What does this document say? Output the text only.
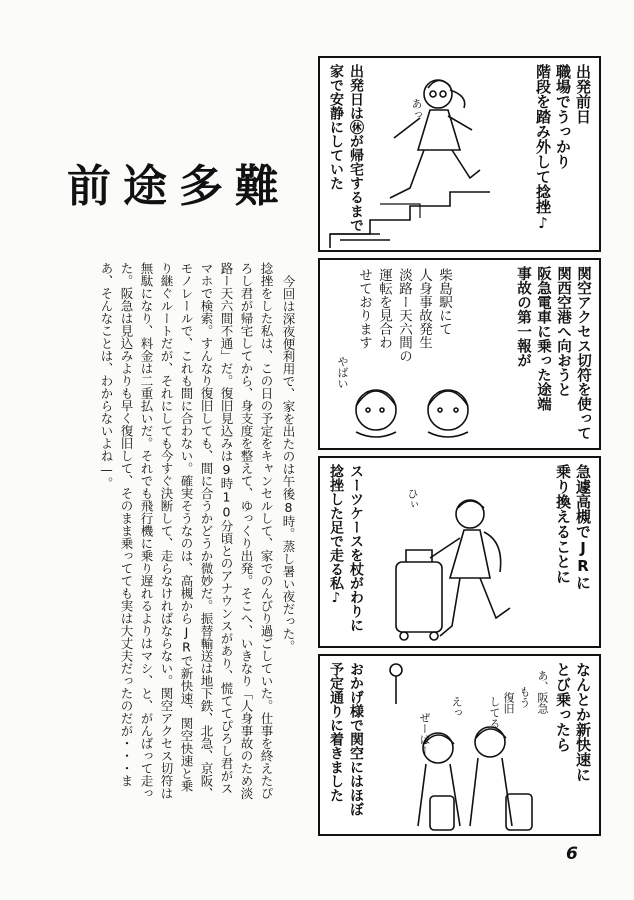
前途多難

今回は深夜便利用で、家を出たのは午後8時。蒸し暑い夜だった。

捻挫をした私は、この日の予定をキャンセルして、家でのんびり過ごしていた。仕事を終えたぴろし君が帰宅してから、身支度を整えて、ゆっくり出発。そこへ、いきなり「人身事故のため淡路ー天六間不通」だ。復旧見込みは9時10分頃とのアナウンスがあり、慌ててぴろし君がスマホで検索。すんなり復旧しても、間に合うかどうか微妙だ。振替輸送は地下鉄、北急、京阪、モノレールで、これも間に合わない。確実そうなのは、高槻からJRで新快速、関空快速と乗り継ぐルートだが、それにしても今すぐ決断して、走らなければならない。関空アクセス切符は無駄になり、料金は二重払いだ。それでも飛行機に乗り遅れるよりはマシ、と、がんばって走った。阪急は見込みよりも早く復旧して、そのまま乗ってても実は大丈夫だったのだが・・・まあ、そんなことは、わからないよね—。

出発前日
職場でうっかり
階段を踏み外して捻挫♪
出発日は㊡が帰宅するまで
家で安静にしていた	あっ
関空アクセス切符を使って
関西空港へ向おうと
阪急電車に乗った途端
事故の第一報が
柴島駅にて
人身事故発生
淡路ー天六間の
運転を見合わ
せております
やばい
急遽高槻でJRに
乗り換えることに
スーツケースを杖がわりに
捻挫した足で走る私♪	ひぃ
なんとか新快速に
とび乗ったら
おかげ様で関空にはほぼ
予定通りに着きました	あ、阪急
もう
復旧
してる
えっ
ぜーはー
6
